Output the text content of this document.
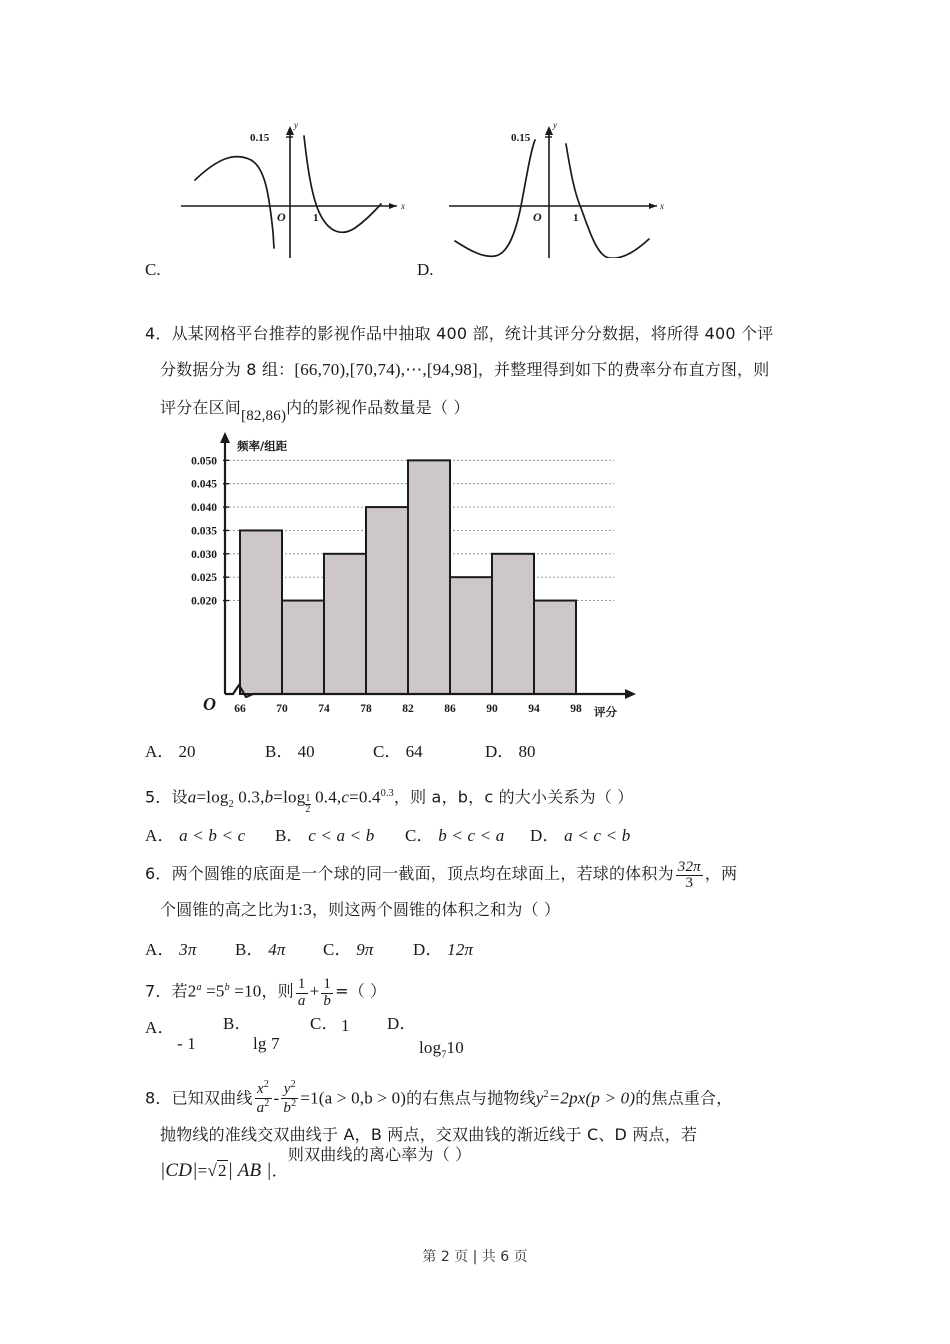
C.	D.
0.15
O 1
x
y
0.15
O	1
x
y
4．从某网格平台推荐的影视作品中抽取 400 部，统计其评分分数据，将所得 400 个评
分数据分为 8 组：[66,70),[70,74),⋯,[94,98]，并整理得到如下的费率分布直方图，则
评分在区间[82,86)内的影视作品数量是（ ）
0.050
0.045
0.040
0.035
0.030
0.025
0.020
66	70	74	78	82	86	90	94	98
O
频率/组距
评分
A． 20	B． 40	C． 64	D． 80
5．设$a=\log_2$ $0.3,b=\log \frac{1}{2} 0.4,c=0.4^{0.3}$，则 a，b，c 的大小关系为（ ）
A． a < b < c B． c < a < b C． b < c < a D． a < c < b
6．两个圆锥的底面是一个球的同一截面，顶点均在球面上，若球的体积为 $\frac{32\pi}{3}$ ，两
个圆锥的高之比为1:3，则这两个圆锥的体积之和为（ ）
A． 3π B． 4π C． 9π D． 12π
7．若$2^a =5^b =10$，则 $\frac{1}{a} + \frac{1}{b}$ =（ ）
A．
- 1
B．
lg 7
C． 1 D．
$\log_710$
8．已知双曲线 $\frac{x^2}{a^2} - \frac{y^2}{b^2} =1(a > 0,b > 0)$的右焦点与抛物线$y^2=2px(p > 0)$的焦点重合，
抛物线的准线交双曲线于 A，B 两点，交双曲钱的渐近线于 C、D 两点，若
|CD|=√2| AB |．则双曲线的离心率为（ ）
第 2 页 | 共 6 页
